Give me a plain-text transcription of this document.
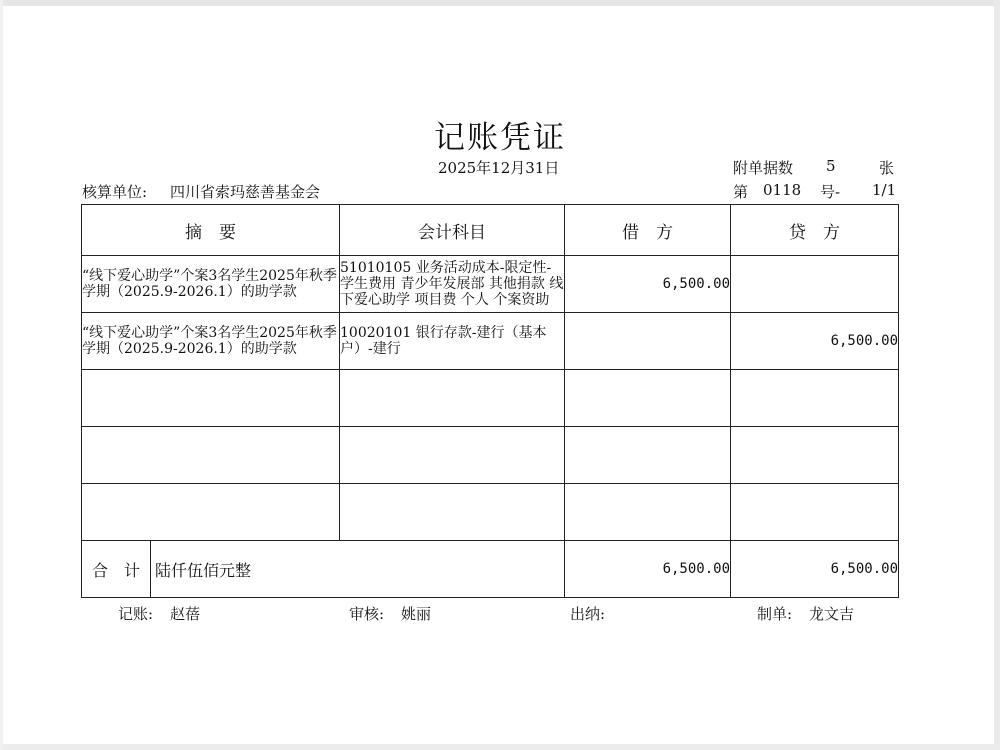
记账凭证
2025年12月31日	附单据数 5	张
核算单位: 四川省索玛慈善基金会	第 0118 号- 1/1
摘　要	会计科目	借　方	贷　方
“线下爱心助学”个案3名学生2025年秋季学期（2025.9-2026.1）的助学款	51010105 业务活动成本-限定性-学生费用 青少年发展部 其他捐款 线下爱心助学 项目费 个人 个案资助	6,500.00	
“线下爱心助学”个案3名学生2025年秋季学期（2025.9-2026.1）的助学款	10020101 银行存款-建行（基本户）-建行		6,500.00

合　计 陆仟伍佰元整		6,500.00	6,500.00
记账: 赵蓓	审核: 姚丽	出纳:	制单: 龙文吉
